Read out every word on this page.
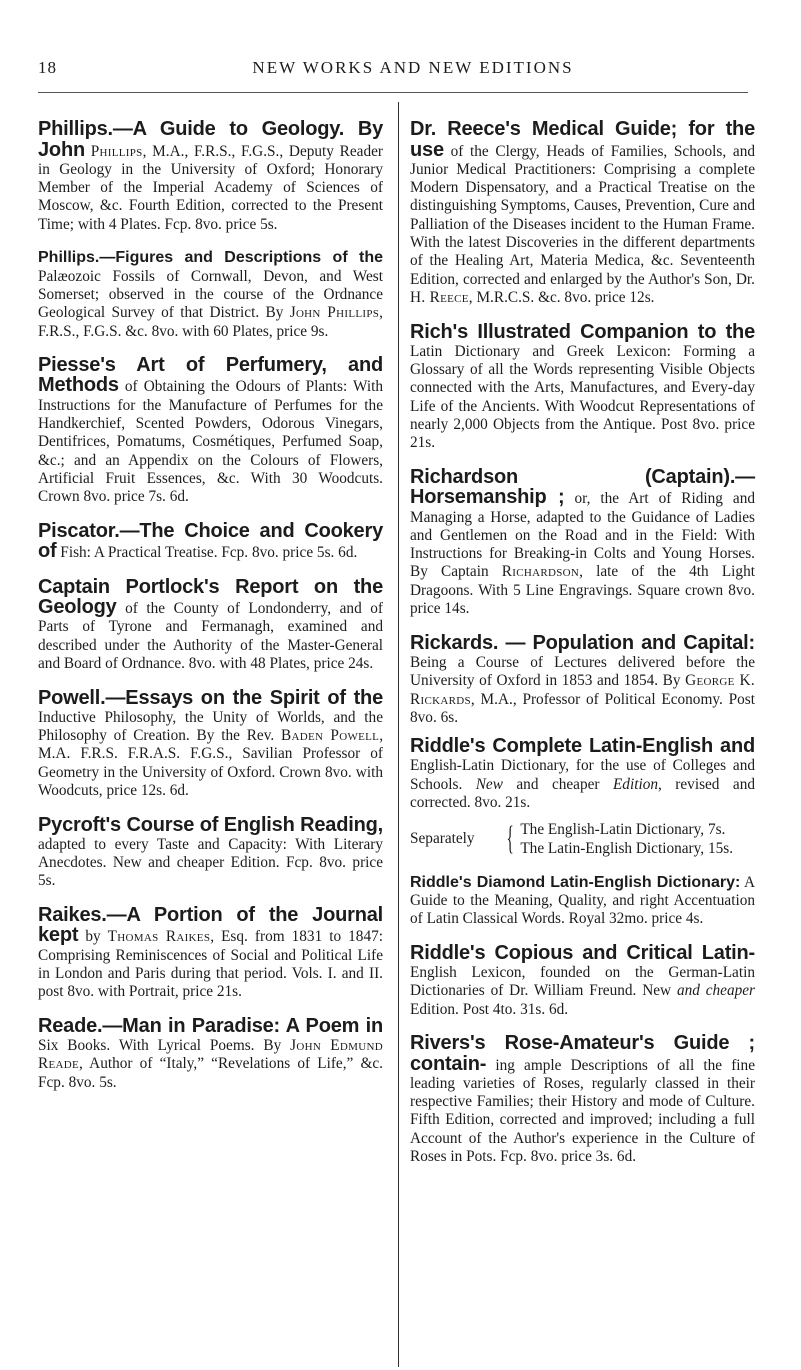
18	NEW WORKS AND NEW EDITIONS

Phillips.—A Guide to Geology. By John Phillips, M.A., F.R.S., F.G.S., Deputy Reader in Geology in the University of Oxford; Honorary Member of the Imperial Academy of Sciences of Moscow, &c. Fourth Edition, corrected to the Present Time; with 4 Plates. Fcp. 8vo. price 5s.

Phillips.—Figures and Descriptions of the Palæozoic Fossils of Cornwall, Devon, and West Somerset; observed in the course of the Ordnance Geological Survey of that District. By John Phillips, F.R.S., F.G.S. &c. 8vo. with 60 Plates, price 9s.

Piesse's Art of Perfumery, and Methods of Obtaining the Odours of Plants: With Instructions for the Manufacture of Perfumes for the Handkerchief, Scented Powders, Odorous Vinegars, Dentifrices, Pomatums, Cosmétiques, Perfumed Soap, &c.; and an Appendix on the Colours of Flowers, Artificial Fruit Essences, &c. With 30 Woodcuts. Crown 8vo. price 7s. 6d.

Piscator.—The Choice and Cookery of Fish: A Practical Treatise. Fcp. 8vo. price 5s. 6d.

Captain Portlock's Report on the Geology of the County of Londonderry, and of Parts of Tyrone and Fermanagh, examined and described under the Authority of the Master-General and Board of Ordnance. 8vo. with 48 Plates, price 24s.

Powell.—Essays on the Spirit of the Inductive Philosophy, the Unity of Worlds, and the Philosophy of Creation. By the Rev. Baden Powell, M.A. F.R.S. F.R.A.S. F.G.S., Savilian Professor of Geometry in the University of Oxford. Crown 8vo. with Woodcuts, price 12s. 6d.

Pycroft's Course of English Reading, adapted to every Taste and Capacity: With Literary Anecdotes. New and cheaper Edition. Fcp. 8vo. price 5s.

Raikes.—A Portion of the Journal kept by Thomas Raikes, Esq. from 1831 to 1847: Comprising Reminiscences of Social and Political Life in London and Paris during that period. Vols. I. and II. post 8vo. with Portrait, price 21s.

Reade.—Man in Paradise: A Poem in Six Books. With Lyrical Poems. By John Edmund Reade, Author of “Italy,” “Revelations of Life,” &c. Fcp. 8vo. 5s.

Dr. Reece's Medical Guide; for the use of the Clergy, Heads of Families, Schools, and Junior Medical Practitioners: Comprising a complete Modern Dispensatory, and a Practical Treatise on the distinguishing Symptoms, Causes, Prevention, Cure and Palliation of the Diseases incident to the Human Frame. With the latest Discoveries in the different departments of the Healing Art, Materia Medica, &c. Seventeenth Edition, corrected and enlarged by the Author's Son, Dr. H. Reece, M.R.C.S. &c. 8vo. price 12s.

Rich's Illustrated Companion to the Latin Dictionary and Greek Lexicon: Forming a Glossary of all the Words representing Visible Objects connected with the Arts, Manufactures, and Every-day Life of the Ancients. With Woodcut Representations of nearly 2,000 Objects from the Antique. Post 8vo. price 21s.

Richardson (Captain).—Horsemanship ; or, the Art of Riding and Managing a Horse, adapted to the Guidance of Ladies and Gentlemen on the Road and in the Field: With Instructions for Breaking-in Colts and Young Horses. By Captain Richardson, late of the 4th Light Dragoons. With 5 Line Engravings. Square crown 8vo. price 14s.

Rickards. — Population and Capital: Being a Course of Lectures delivered before the University of Oxford in 1853 and 1854. By George K. Rickards, M.A., Professor of Political Economy. Post 8vo. 6s.

Riddle's Complete Latin-English and English-Latin Dictionary, for the use of Colleges and Schools. New and cheaper Edition, revised and corrected. 8vo. 21s.
Separately { The English-Latin Dictionary, 7s.
The Latin-English Dictionary, 15s.

Riddle's Diamond Latin-English Dictionary: A Guide to the Meaning, Quality, and right Accentuation of Latin Classical Words. Royal 32mo. price 4s.

Riddle's Copious and Critical Latin- English Lexicon, founded on the German-Latin Dictionaries of Dr. William Freund. New and cheaper Edition. Post 4to. 31s. 6d.

Rivers's Rose-Amateur's Guide ; contain- ing ample Descriptions of all the fine leading varieties of Roses, regularly classed in their respective Families; their History and mode of Culture. Fifth Edition, corrected and improved; including a full Account of the Author's experience in the Culture of Roses in Pots. Fcp. 8vo. price 3s. 6d.
